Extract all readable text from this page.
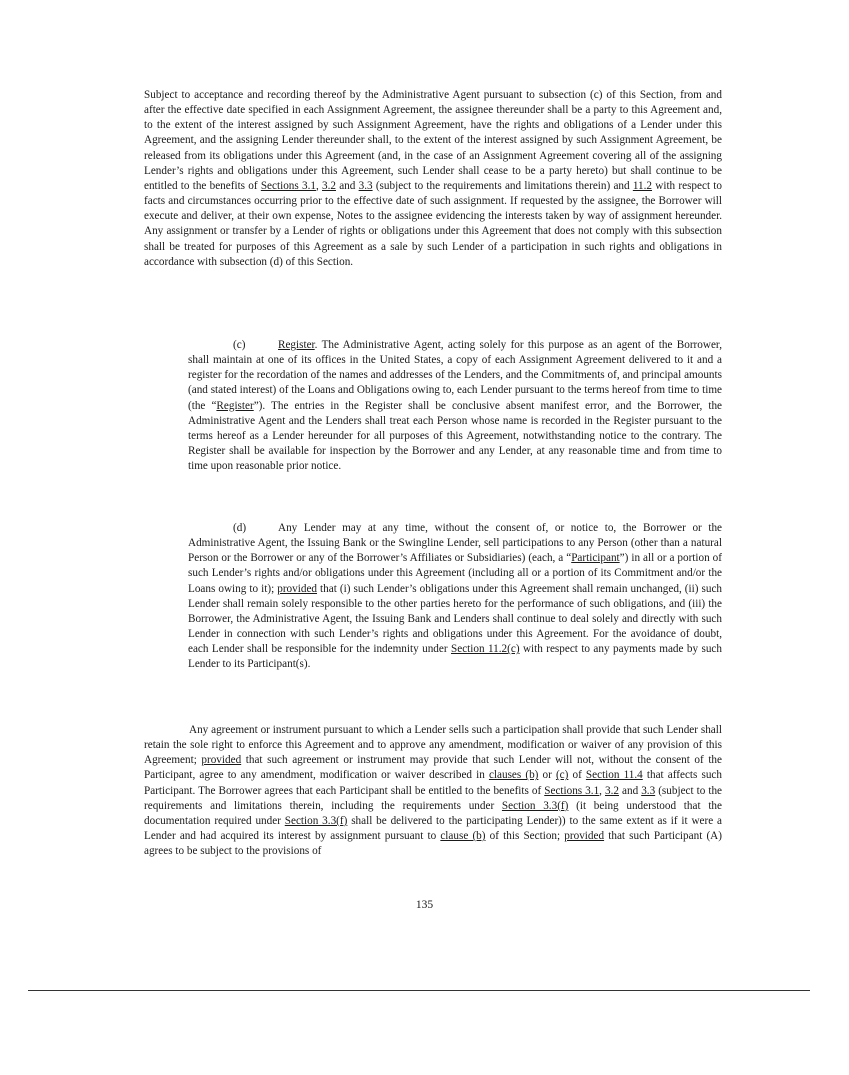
Subject to acceptance and recording thereof by the Administrative Agent pursuant to subsection (c) of this Section, from and after the effective date specified in each Assignment Agreement, the assignee thereunder shall be a party to this Agreement and, to the extent of the interest assigned by such Assignment Agreement, have the rights and obligations of a Lender under this Agreement, and the assigning Lender thereunder shall, to the extent of the interest assigned by such Assignment Agreement, be released from its obligations under this Agreement (and, in the case of an Assignment Agreement covering all of the assigning Lender’s rights and obligations under this Agreement, such Lender shall cease to be a party hereto) but shall continue to be entitled to the benefits of Sections 3.1, 3.2 and 3.3 (subject to the requirements and limitations therein) and 11.2 with respect to facts and circumstances occurring prior to the effective date of such assignment. If requested by the assignee, the Borrower will execute and deliver, at their own expense, Notes to the assignee evidencing the interests taken by way of assignment hereunder. Any assignment or transfer by a Lender of rights or obligations under this Agreement that does not comply with this subsection shall be treated for purposes of this Agreement as a sale by such Lender of a participation in such rights and obligations in accordance with subsection (d) of this Section.

(c)	Register. The Administrative Agent, acting solely for this purpose as an agent of the Borrower, shall maintain at one of its offices in the United States, a copy of each Assignment Agreement delivered to it and a register for the recordation of the names and addresses of the Lenders, and the Commitments of, and principal amounts (and stated interest) of the Loans and Obligations owing to, each Lender pursuant to the terms hereof from time to time (the “Register”). The entries in the Register shall be conclusive absent manifest error, and the Borrower, the Administrative Agent and the Lenders shall treat each Person whose name is recorded in the Register pursuant to the terms hereof as a Lender hereunder for all purposes of this Agreement, notwithstanding notice to the contrary. The Register shall be available for inspection by the Borrower and any Lender, at any reasonable time and from time to time upon reasonable prior notice.

(d)	Any Lender may at any time, without the consent of, or notice to, the Borrower or the Administrative Agent, the Issuing Bank or the Swingline Lender, sell participations to any Person (other than a natural Person or the Borrower or any of the Borrower’s Affiliates or Subsidiaries) (each, a “Participant”) in all or a portion of such Lender’s rights and/or obligations under this Agreement (including all or a portion of its Commitment and/or the Loans owing to it); provided that (i) such Lender’s obligations under this Agreement shall remain unchanged, (ii) such Lender shall remain solely responsible to the other parties hereto for the performance of such obligations, and (iii) the Borrower, the Administrative Agent, the Issuing Bank and Lenders shall continue to deal solely and directly with such Lender in connection with such Lender’s rights and obligations under this Agreement. For the avoidance of doubt, each Lender shall be responsible for the indemnity under Section 11.2(c) with respect to any payments made by such Lender to its Participant(s).

Any agreement or instrument pursuant to which a Lender sells such a participation shall provide that such Lender shall retain the sole right to enforce this Agreement and to approve any amendment, modification or waiver of any provision of this Agreement; provided that such agreement or instrument may provide that such Lender will not, without the consent of the Participant, agree to any amendment, modification or waiver described in clauses (b) or (c) of Section 11.4 that affects such Participant. The Borrower agrees that each Participant shall be entitled to the benefits of Sections 3.1, 3.2 and 3.3 (subject to the requirements and limitations therein, including the requirements under Section 3.3(f) (it being understood that the documentation required under Section 3.3(f) shall be delivered to the participating Lender)) to the same extent as if it were a Lender and had acquired its interest by assignment pursuant to clause (b) of this Section; provided that such Participant (A) agrees to be subject to the provisions of

135
